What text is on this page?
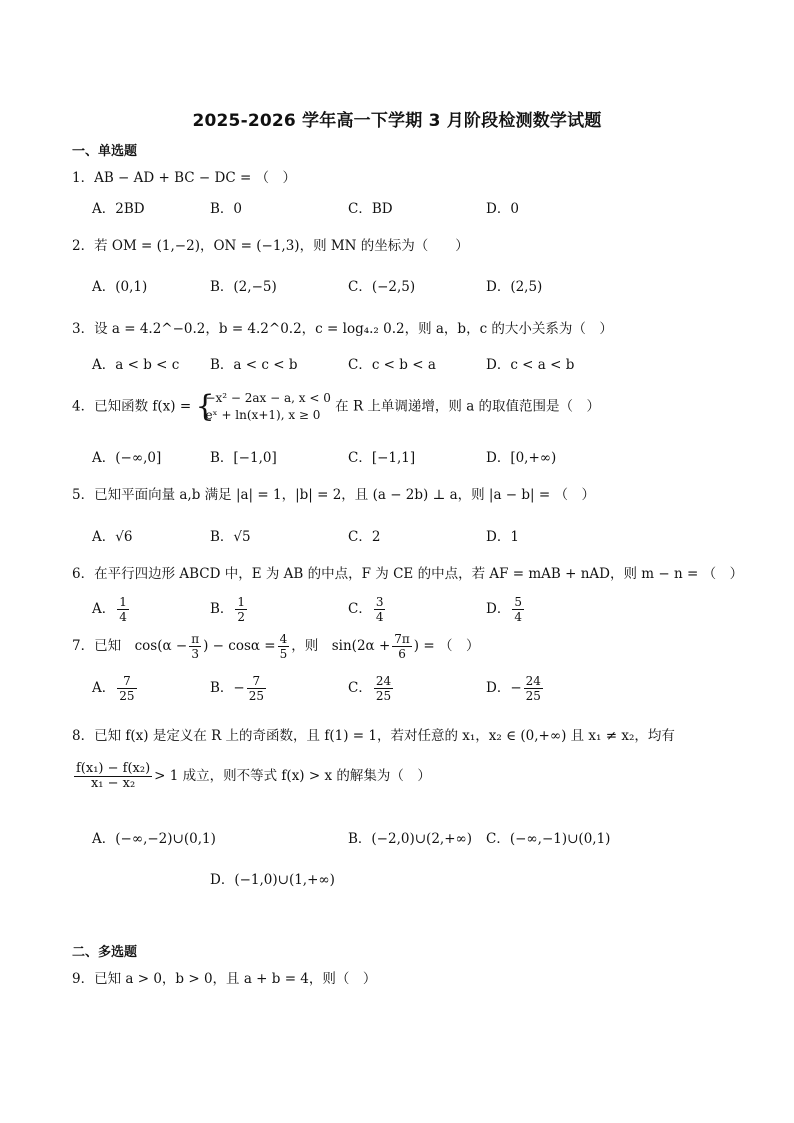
2025-2026 学年高一下学期 3 月阶段检测数学试题
一、单选题
1．AB − AD + BC − DC = （　）
A．2BD	B．0	C．BD	D．0
2．若 OM = (1,−2)，ON = (−1,3)，则 MN 的坐标为（　　）
A．(0,1)	B．(2,−5)	C．(−2,5)	D．(2,5)
3．设 a = 4.2^−0.2，b = 4.2^0.2，c = log₄.₂ 0.2，则 a，b，c 的大小关系为（　）
A．a < b < c B．a < c < b	C．c < b < a	D．c < a < b
4．已知函数 f(x) = {
−x² − 2ax − a, x < 0
eˣ + ln(x+1), x ≥ 0
在 R 上单调递增，则 a 的取值范围是（　）
A．(−∞,0]	B．[−1,0]	C．[−1,1]	D．[0,+∞)
5．已知平面向量 a,b 满足 |a| = 1，|b| = 2，且 (a − 2b) ⊥ a，则 |a − b| = （　）
A．√6	B．√5	C．2	D．1
6．在平行四边形 ABCD 中，E 为 AB 的中点，F 为 CE 的中点，若 AF = mAB + nAD，则 m − n = （　）
A． $\frac{1}{4}$	B． $\frac{1}{2}$	C． $\frac{3}{4}$	D． $\frac{5}{4}$
7．已知　$\cos(\alpha - \frac{\pi}{3}$ ) − $\cos\alpha = \frac{4}{5}$ ，则　$\sin(2\alpha + \frac{7\pi}{6}$ ) = （　）
A． $\frac{7}{25}$	B．− $\frac{7}{25}$	C． $\frac{24}{25}$	D．− $\frac{24}{25}$
8．已知 f(x) 是定义在 R 上的奇函数，且 f(1) = 1，若对任意的 x₁，x₂ ∈ (0,+∞) 且 x₁ ≠ x₂，均有
$\frac{\text{f(x₁) − f(x₂)}}{\text{x₁ − x₂}} > 1$ 成立，则不等式 f(x) > x 的解集为（　）
A．(−∞,−2)∪(0,1)	B．(−2,0)∪(2,+∞) C．(−∞,−1)∪(0,1)
D．(−1,0)∪(1,+∞)
二、多选题
9．已知 a > 0，b > 0，且 a + b = 4，则（　）
